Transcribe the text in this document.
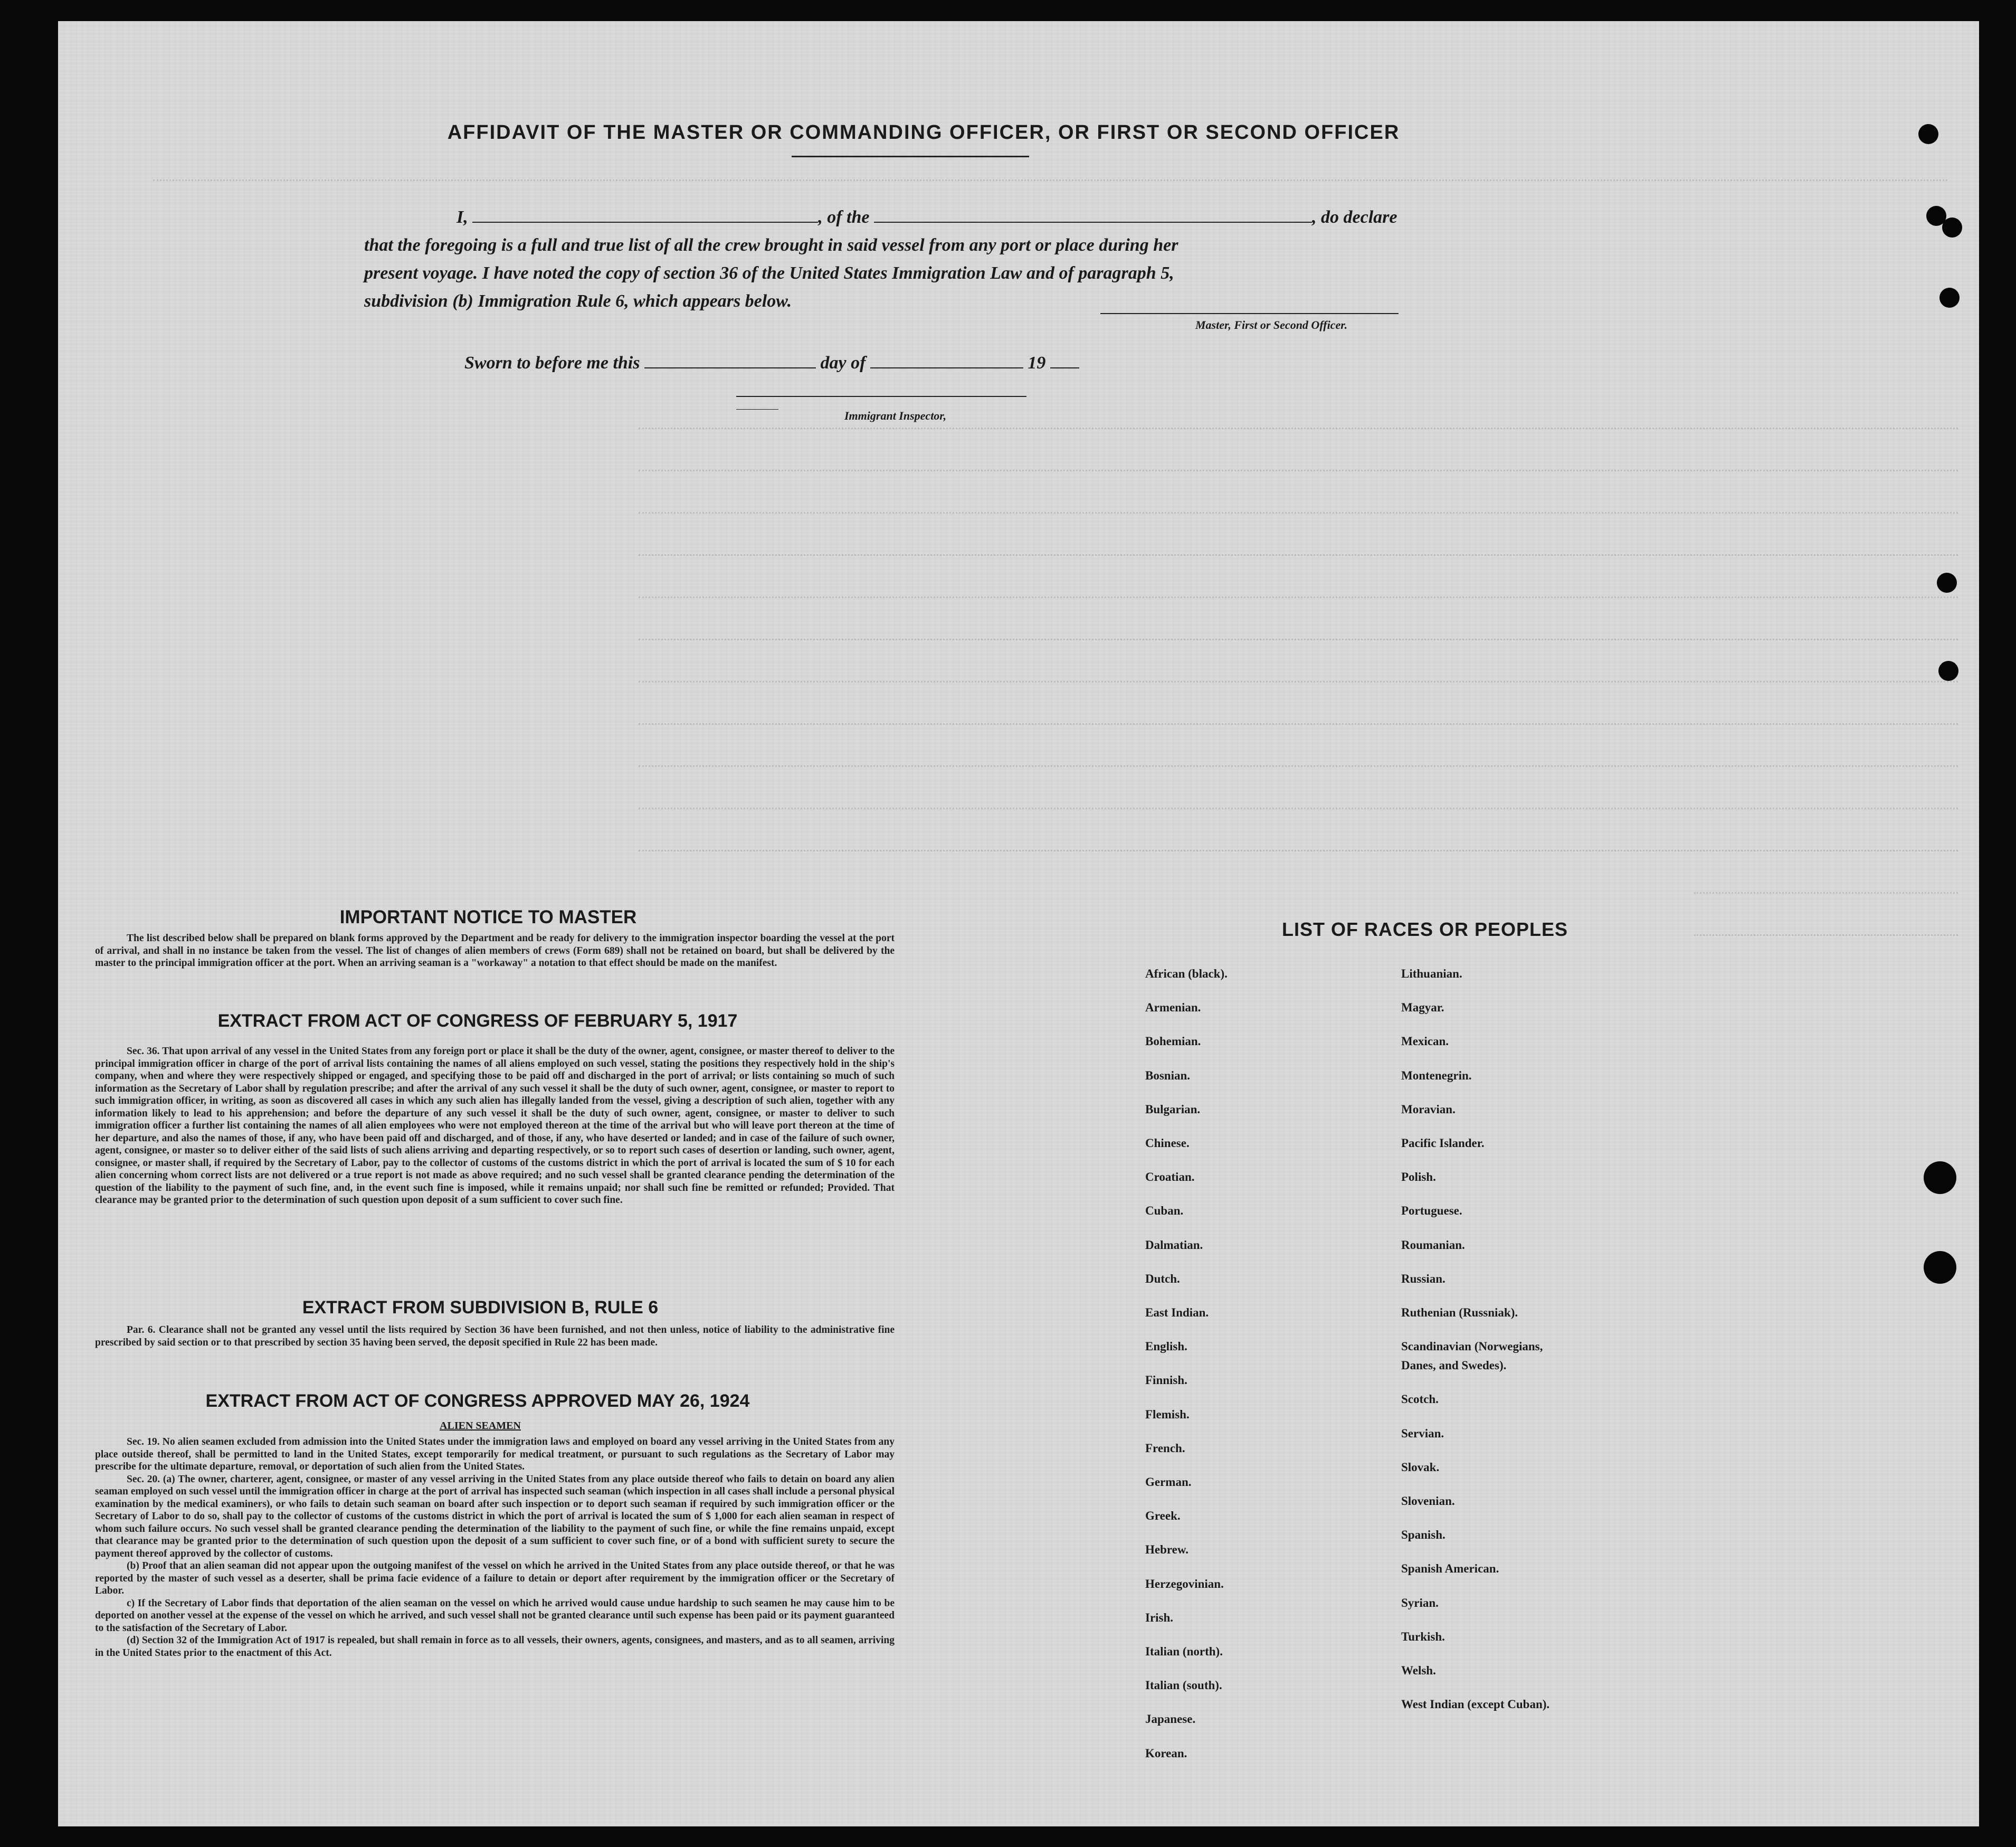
AFFIDAVIT OF THE MASTER OR COMMANDING OFFICER, OR FIRST OR SECOND OFFICER
I,	, of the	, do declare
that the foregoing is a full and true list of all the crew brought in said vessel from any port or place during her
present voyage. I have noted the copy of section 36 of the United States Immigration Law and of paragraph 5,
subdivision (b) Immigration Rule 6, which appears below.
Master, First or Second Officer.
Sworn to before me this	day of	19
Immigrant Inspector,
IMPORTANT NOTICE TO MASTER

The list described below shall be prepared on blank forms approved by the Department and be ready for delivery to the immigration inspector boarding the vessel at the port of arrival, and shall in no instance be taken from the vessel. The list of changes of alien members of crews (Form 689) shall not be retained on board, but shall be delivered by the master to the principal immigration officer at the port. When an arriving seaman is a "workaway" a notation to that effect should be made on the manifest.

EXTRACT FROM ACT OF CONGRESS OF FEBRUARY 5, 1917

Sec. 36. That upon arrival of any vessel in the United States from any foreign port or place it shall be the duty of the owner, agent, consignee, or master thereof to deliver to the principal immigration officer in charge of the port of arrival lists containing the names of all aliens employed on such vessel, stating the positions they respectively hold in the ship's company, when and where they were respectively shipped or engaged, and specifying those to be paid off and discharged in the port of arrival; or lists containing so much of such information as the Secretary of Labor shall by regulation prescribe; and after the arrival of any such vessel it shall be the duty of such owner, agent, consignee, or master to report to such immigration officer, in writing, as soon as discovered all cases in which any such alien has illegally landed from the vessel, giving a description of such alien, together with any information likely to lead to his apprehension; and before the departure of any such vessel it shall be the duty of such owner, agent, consignee, or master to deliver to such immigration officer a further list containing the names of all alien employees who were not employed thereon at the time of the arrival but who will leave port thereon at the time of her departure, and also the names of those, if any, who have been paid off and discharged, and of those, if any, who have deserted or landed; and in case of the failure of such owner, agent, consignee, or master so to deliver either of the said lists of such aliens arriving and departing respectively, or so to report such cases of desertion or landing, such owner, agent, consignee, or master shall, if required by the Secretary of Labor, pay to the collector of customs of the customs district in which the port of arrival is located the sum of $ 10 for each alien concerning whom correct lists are not delivered or a true report is not made as above required; and no such vessel shall be granted clearance pending the determination of the question of the liability to the payment of such fine, and, in the event such fine is imposed, while it remains unpaid; nor shall such fine be remitted or refunded; Provided. That clearance may be granted prior to the determination of such question upon deposit of a sum sufficient to cover such fine.

EXTRACT FROM SUBDIVISION B, RULE 6

Par. 6. Clearance shall not be granted any vessel until the lists required by Section 36 have been furnished, and not then unless, notice of liability to the administrative fine prescribed by said section or to that prescribed by section 35 having been served, the deposit specified in Rule 22 has been made.

EXTRACT FROM ACT OF CONGRESS APPROVED MAY 26, 1924
ALIEN SEAMEN

Sec. 19. No alien seamen excluded from admission into the United States under the immigration laws and employed on board any vessel arriving in the United States from any place outside thereof, shall be permitted to land in the United States, except temporarily for medical treatment, or pursuant to such regulations as the Secretary of Labor may prescribe for the ultimate departure, removal, or deportation of such alien from the United States.

Sec. 20. (a) The owner, charterer, agent, consignee, or master of any vessel arriving in the United States from any place outside thereof who fails to detain on board any alien seaman employed on such vessel until the immigration officer in charge at the port of arrival has inspected such seaman (which inspection in all cases shall include a personal physical examination by the medical examiners), or who fails to detain such seaman on board after such inspection or to deport such seaman if required by such immigration officer or the Secretary of Labor to do so, shall pay to the collector of customs of the customs district in which the port of arrival is located the sum of $ 1,000 for each alien seaman in respect of whom such failure occurs. No such vessel shall be granted clearance pending the determination of the liability to the payment of such fine, or while the fine remains unpaid, except that clearance may be granted prior to the determination of such question upon the deposit of a sum sufficient to cover such fine, or of a bond with sufficient surety to secure the payment thereof approved by the collector of customs.

(b) Proof that an alien seaman did not appear upon the outgoing manifest of the vessel on which he arrived in the United States from any place outside thereof, or that he was reported by the master of such vessel as a deserter, shall be prima facie evidence of a failure to detain or deport after requirement by the immigration officer or the Secretary of Labor.

c) If the Secretary of Labor finds that deportation of the alien seaman on the vessel on which he arrived would cause undue hardship to such seamen he may cause him to be deported on another vessel at the expense of the vessel on which he arrived, and such vessel shall not be granted clearance until such expense has been paid or its payment guaranteed to the satisfaction of the Secretary of Labor.

(d) Section 32 of the Immigration Act of 1917 is repealed, but shall remain in force as to all vessels, their owners, agents, consignees, and masters, and as to all seamen, arriving in the United States prior to the enactment of this Act.

LIST OF RACES OR PEOPLES
African (black).
Armenian.
Bohemian.
Bosnian.
Bulgarian.
Chinese.
Croatian.
Cuban.
Dalmatian.
Dutch.
East Indian.
English.
Finnish.
Flemish.
French.
German.
Greek.
Hebrew.
Herzegovinian.
Irish.
Italian (north).
Italian (south).
Japanese.
Korean.
Lithuanian.
Magyar.
Mexican.
Montenegrin.
Moravian.
Pacific Islander.
Polish.
Portuguese.
Roumanian.
Russian.
Ruthenian (Russniak).
Scandinavian (Norwegians,
Danes, and Swedes).
Scotch.
Servian.
Slovak.
Slovenian.
Spanish.
Spanish American.
Syrian.
Turkish.
Welsh.
West Indian (except Cuban).
